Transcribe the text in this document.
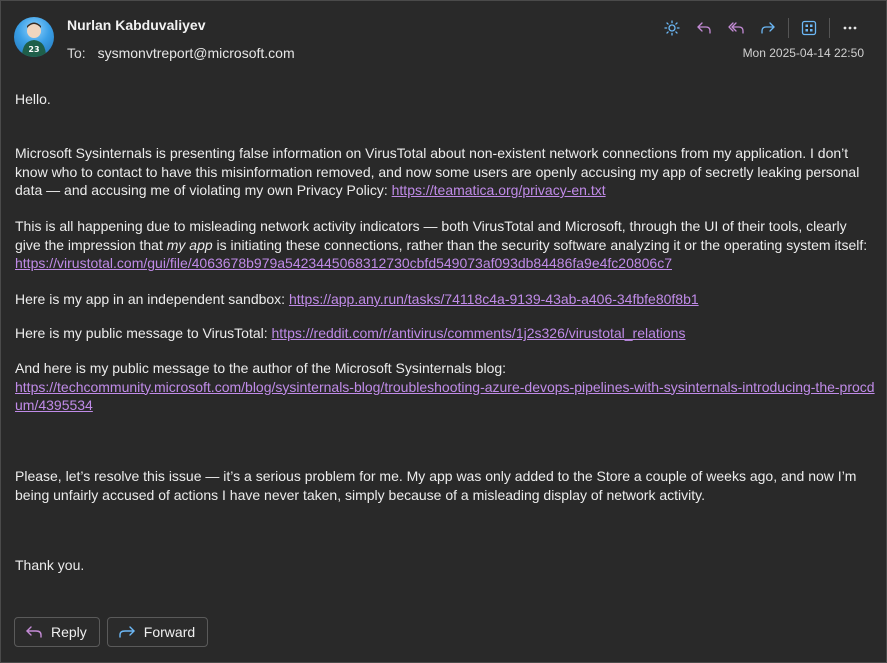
23
Nurlan Kabduvaliyev
To: sysmonvtreport@microsoft.com	Mon 2025-04-14 22:50

Hello.

Microsoft Sysinternals is presenting false information on VirusTotal about non-existent network connections from my application. I don’t know who to contact to have this misinformation removed, and now some users are openly accusing my app of secretly leaking personal data — and accusing me of violating my own Privacy Policy: https://teamatica.org/privacy-en.txt

This is all happening due to misleading network activity indicators — both VirusTotal and Microsoft, through the UI of their tools, clearly give the impression that my app is initiating these connections, rather than the security software analyzing it or the operating system itself: https://virustotal.com/gui/file/4063678b979a5423445068312730cbfd549073af093db84486fa9e4fc20806c7

Here is my app in an independent sandbox: https://app.any.run/tasks/74118c4a-9139-43ab-a406-34fbfe80f8b1

Here is my public message to VirusTotal: https://reddit.com/r/antivirus/comments/1j2s326/virustotal_relations

And here is my public message to the author of the Microsoft Sysinternals blog:
https://techcommunity.microsoft.com/blog/sysinternals-blog/troubleshooting-azure-devops-pipelines-with-sysinternals-introducing-the-procdum/4395534

Please, let’s resolve this issue — it’s a serious problem for me. My app was only added to the Store a couple of weeks ago, and now I’m being unfairly accused of actions I have never taken, simply because of a misleading display of network activity.

Thank you.

Reply	Forward
